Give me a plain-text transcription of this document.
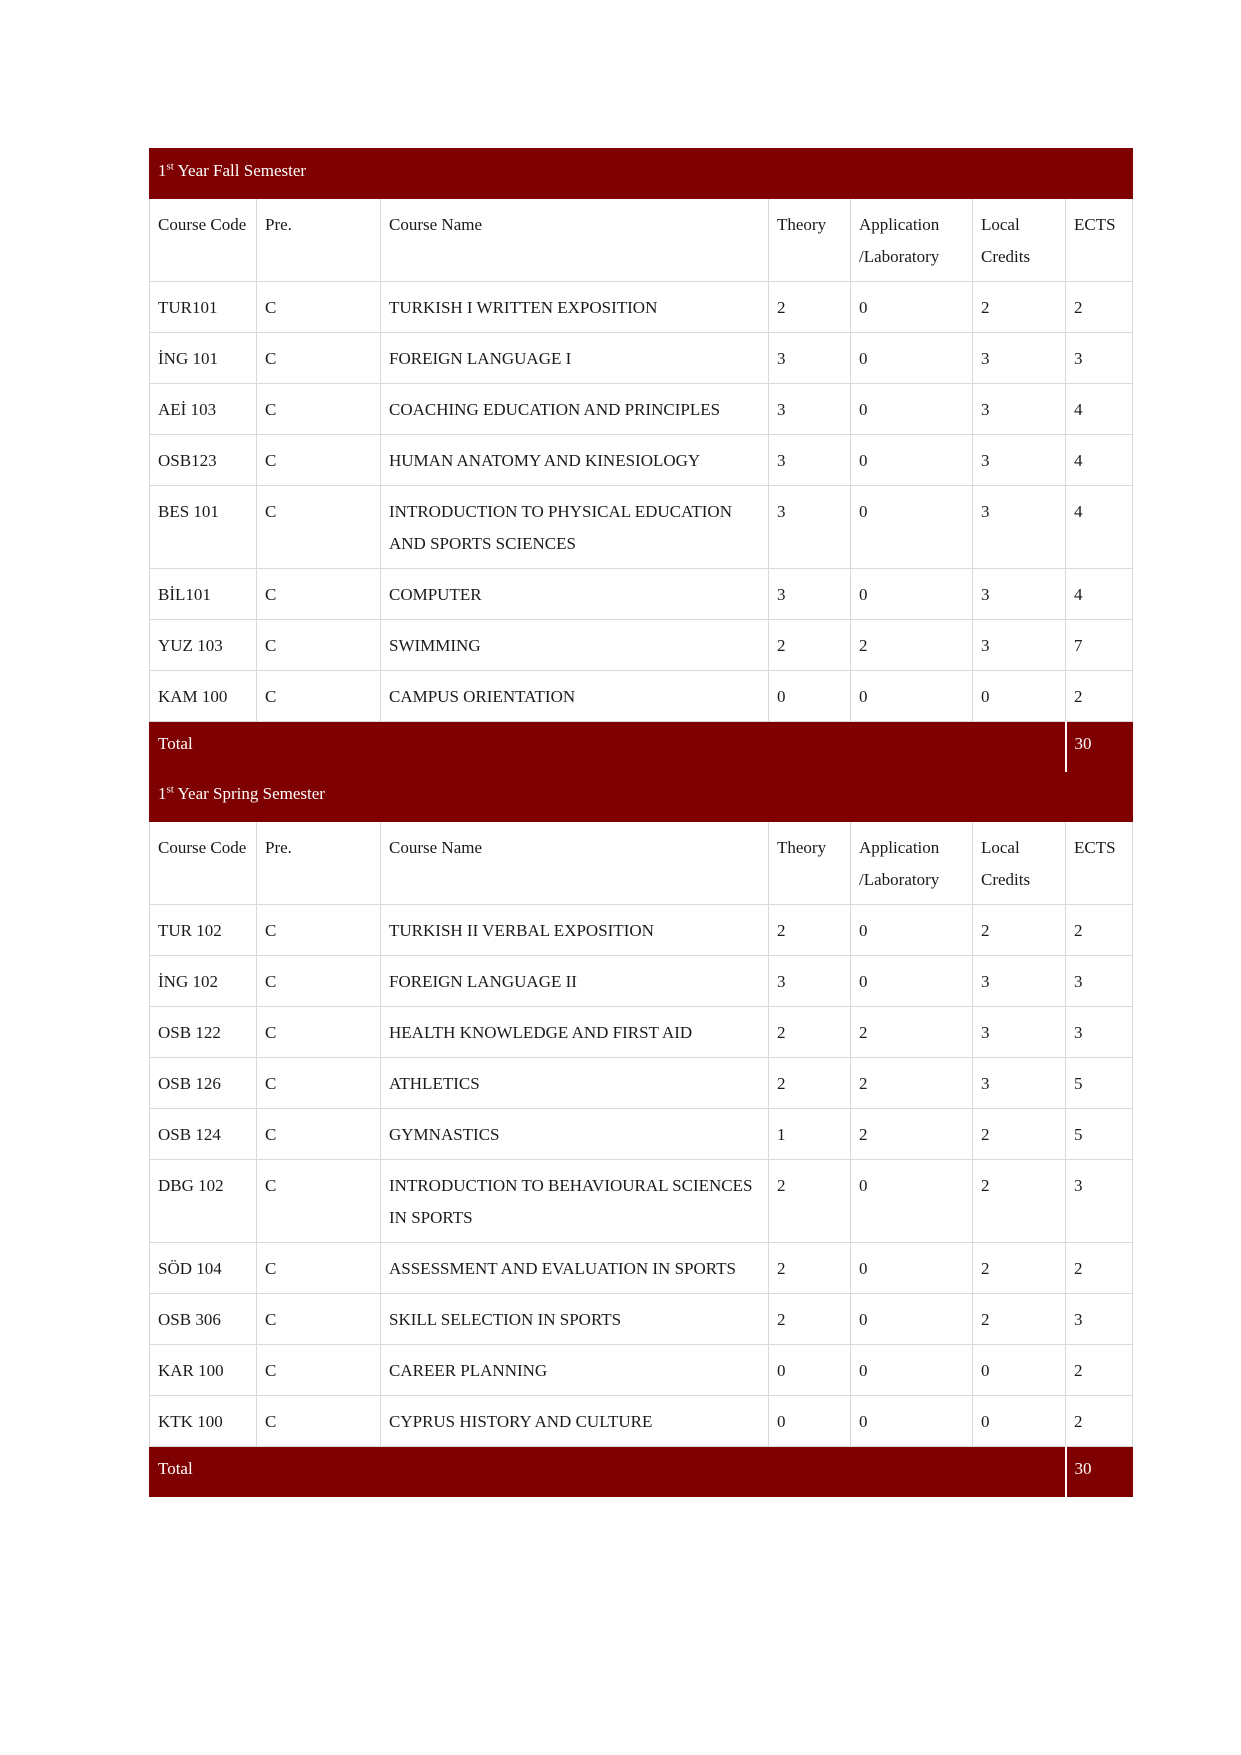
1st Year Fall Semester						
Course Code	Pre.	Course Name	Theory	Application /Laboratory	Local Credits	ECTS
TUR101	C	TURKISH I WRITTEN EXPOSITION	2	0	2	2
İNG 101	C	FOREIGN LANGUAGE I	3	0	3	3
AEİ 103	C	COACHING EDUCATION AND PRINCIPLES	3	0	3	4
OSB123	C	HUMAN ANATOMY AND KINESIOLOGY	3	0	3	4
BES 101	C	INTRODUCTION TO PHYSICAL EDUCATION AND SPORTS SCIENCES	3	0	3	4
BİL101	C	COMPUTER	3	0	3	4
YUZ 103	C	SWIMMING	2	2	3	7
KAM 100	C	CAMPUS ORIENTATION	0	0	0	2
Total						30
1st Year Spring Semester						
Course Code	Pre.	Course Name	Theory	Application /Laboratory	Local Credits	ECTS
TUR 102	C	TURKISH II VERBAL EXPOSITION	2	0	2	2
İNG 102	C	FOREIGN LANGUAGE II	3	0	3	3
OSB 122	C	HEALTH KNOWLEDGE AND FIRST AID	2	2	3	3
OSB 126	C	ATHLETICS	2	2	3	5
OSB 124	C	GYMNASTICS	1	2	2	5
DBG 102	C	INTRODUCTION TO BEHAVIOURAL SCIENCES IN SPORTS	2	0	2	3
SÖD 104	C	ASSESSMENT AND EVALUATION IN SPORTS	2	0	2	2
OSB 306	C	SKILL SELECTION IN SPORTS	2	0	2	3
KAR 100	C	CAREER PLANNING	0	0	0	2
KTK 100	C	CYPRUS HISTORY AND CULTURE	0	0	0	2
Total						30
